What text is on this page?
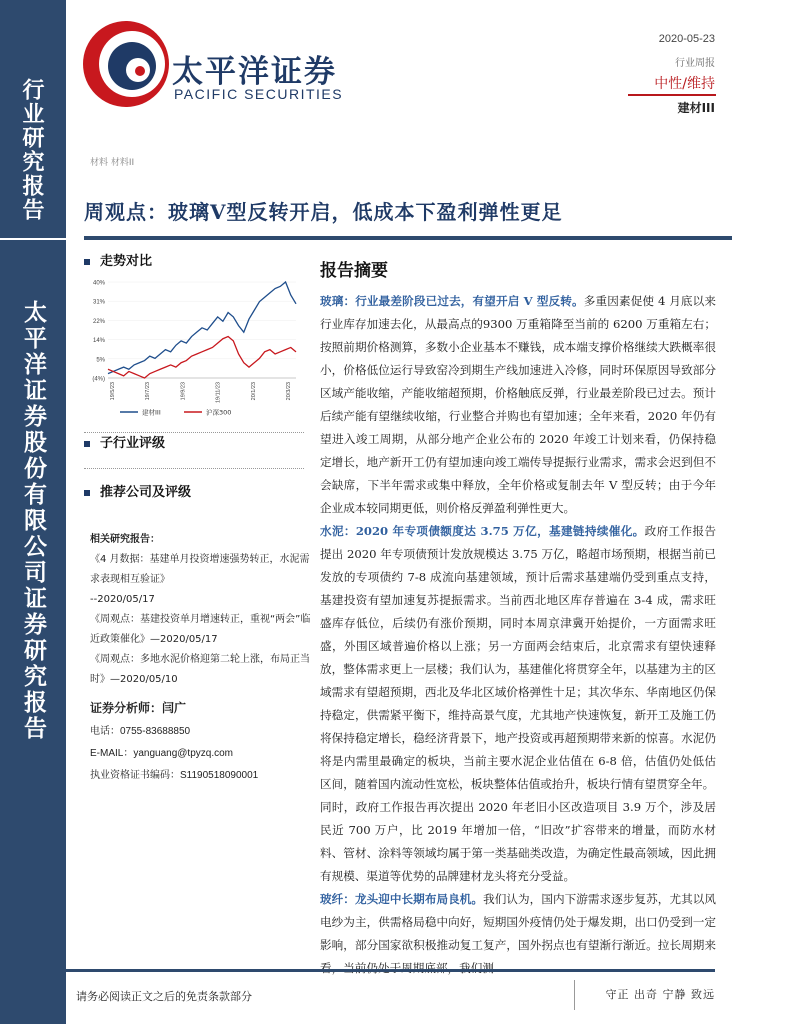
行业研究报告
太平洋证券股份有限公司证券研究报告
太平洋证券
PACIFIC SECURITIES
2020-05-23
行业周报
中性/维持
建材III
材料 材料II
周观点：玻璃V型反转开启，低成本下盈利弹性更足
走势对比
40%
31%
22%
14%
5%
(4%)
19/5/23	19/7/23	19/9/23	19/11/23	20/1/23	20/3/23
建材III	沪深300
子行业评级
推荐公司及评级

相关研究报告：

《4 月数据：基建单月投资增速强势转正，水泥需求表现相互验证》

--2020/05/17

《周观点：基建投资单月增速转正，重视“两会”临近政策催化》—2020/05/17

《周观点：多地水泥价格迎第二轮上涨，布局正当时》—2020/05/10

证券分析师：闫广

电话：0755-83688850

E-MAIL：yanguang@tpyzq.com

执业资格证书编码：S1190518090001

报告摘要

玻璃：行业最差阶段已过去，有望开启 V 型反转。多重因素促使 4 月底以来行业库存加速去化，从最高点的9300 万重箱降至当前的 6200 万重箱左右；按照前期价格测算，多数小企业基本不赚钱，成本端支撑价格继续大跌概率很小，价格低位运行导致窑冷到期生产线加速进入冷修，同时环保原因导致部分区域产能收缩，产能收缩超预期，价格触底反弹，行业最差阶段已过去。预计后续产能有望继续收缩，行业整合并购也有望加速；全年来看，2020 年仍有望进入竣工周期，从部分地产企业公布的 2020 年竣工计划来看，仍保持稳定增长，地产新开工仍有望加速向竣工端传导提振行业需求，需求会迟到但不会缺席，下半年需求或集中释放，全年价格或复制去年 V 型反转；由于今年企业成本较同期更低，则价格反弹盈利弹性更大。

水泥：2020 年专项债额度达 3.75 万亿，基建链持续催化。政府工作报告提出 2020 年专项债预计发放规模达 3.75 万亿，略超市场预期，根据当前已发放的专项债约 7-8 成流向基建领域，预计后需求基建端仍受到重点支持，基建投资有望加速复苏提振需求。当前西北地区库存普遍在 3-4 成，需求旺盛库存低位，后续仍有涨价预期，同时本周京津冀开始提价，一方面需求旺盛，外围区域普遍价格以上涨；另一方面两会结束后，北京需求有望快速释放，整体需求更上一层楼；我们认为，基建催化将贯穿全年，以基建为主的区域需求有望超预期，西北及华北区域价格弹性十足；其次华东、华南地区仍保持稳定，供需紧平衡下，维持高景气度，尤其地产快速恢复，新开工及施工仍将保持稳定增长，稳经济背景下，地产投资或再超预期带来新的惊喜。水泥仍将是内需里最确定的板块，当前主要水泥企业估值在 6-8 倍，估值仍处低估区间，随着国内流动性宽松，板块整体估值或抬升，板块行情有望贯穿全年。

同时，政府工作报告再次提出 2020 年老旧小区改造项目 3.9 万个，涉及居民近 700 万户，比 2019 年增加一倍，“旧改”扩容带来的增量，而防水材料、管材、涂料等领域均属于第一类基础类改造，为确定性最高领域，因此拥有规模、渠道等优势的品牌建材龙头将充分受益。

玻纤：龙头迎中长期布局良机。我们认为，国内下游需求逐步复苏，尤其以风电纱为主，供需格局稳中向好，短期国外疫情仍处于爆发期，出口仍受到一定影响，部分国家欲积极推动复工复产，国外拐点也有望渐行渐近。拉长周期来看，当前仍处于周期底部，我们测

请务必阅读正文之后的免责条款部分	守正 出奇 宁静 致远
